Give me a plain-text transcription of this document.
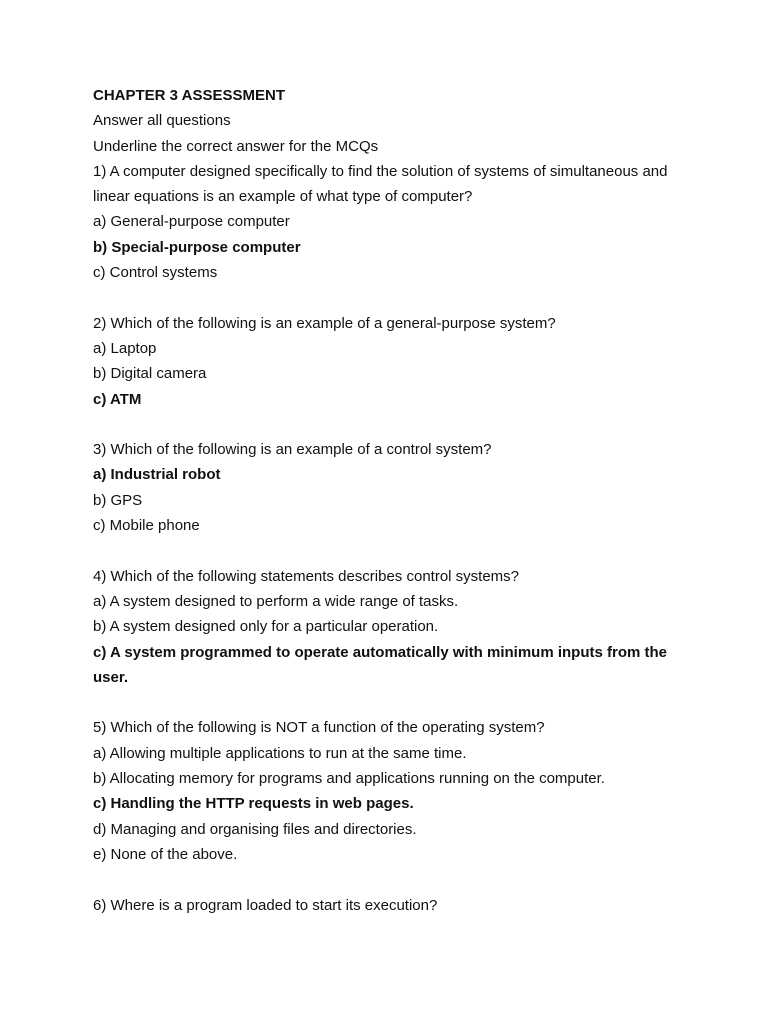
CHAPTER 3 ASSESSMENT
Answer all questions
Underline the correct answer for the MCQs
1) A computer designed specifically to find the solution of systems of simultaneous and linear equations is an example of what type of computer?
a) General-purpose computer
b) Special-purpose computer
c) Control systems
2) Which of the following is an example of a general-purpose system?
a) Laptop
b) Digital camera
c) ATM
3) Which of the following is an example of a control system?
a) Industrial robot
b) GPS
c) Mobile phone
4) Which of the following statements describes control systems?
a) A system designed to perform a wide range of tasks.
b) A system designed only for a particular operation.
c) A system programmed to operate automatically with minimum inputs from the user.
5) Which of the following is NOT a function of the operating system?
a) Allowing multiple applications to run at the same time.
b) Allocating memory for programs and applications running on the computer.
c) Handling the HTTP requests in web pages.
d) Managing and organising files and directories.
e) None of the above.
6) Where is a program loaded to start its execution?
